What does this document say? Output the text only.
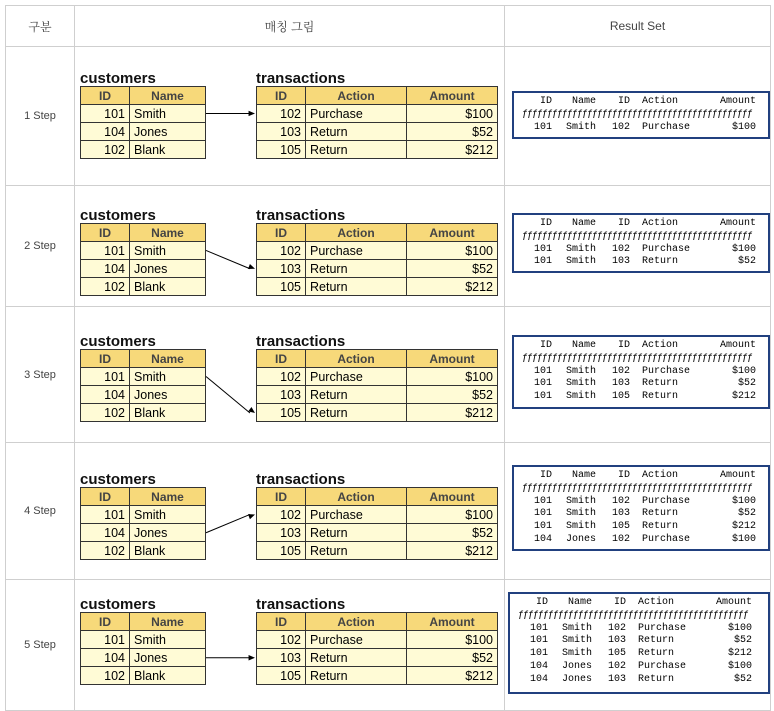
구분	매칭 그림	Result Set
1 Step	
customers	transactions
ID	Name
101	Smith
104	Jones
102	Blank
ID	Action	Amount
102	Purchase	$100
103	Return	$52
105	Return	$212

ID	Name	ID	Action	Amount
ƒƒƒƒƒƒƒƒƒƒƒƒƒƒƒƒƒƒƒƒƒƒƒƒƒƒƒƒƒƒƒƒƒƒƒƒƒƒƒƒƒƒƒƒƒƒ
101	Smith	102	Purchase	$100

2 Step	
customers	transactions
ID	Name
101	Smith
104	Jones
102	Blank
ID	Action	Amount
102	Purchase	$100
103	Return	$52
105	Return	$212

ID	Name	ID	Action	Amount
ƒƒƒƒƒƒƒƒƒƒƒƒƒƒƒƒƒƒƒƒƒƒƒƒƒƒƒƒƒƒƒƒƒƒƒƒƒƒƒƒƒƒƒƒƒƒ
101	Smith	102	Purchase	$100
101	Smith	103	Return	$52

3 Step	
customers	transactions
ID	Name
101	Smith
104	Jones
102	Blank
ID	Action	Amount
102	Purchase	$100
103	Return	$52
105	Return	$212

ID	Name	ID	Action	Amount
ƒƒƒƒƒƒƒƒƒƒƒƒƒƒƒƒƒƒƒƒƒƒƒƒƒƒƒƒƒƒƒƒƒƒƒƒƒƒƒƒƒƒƒƒƒƒ
101	Smith	102	Purchase	$100
101	Smith	103	Return	$52
101	Smith	105	Return	$212

4 Step	
customers	transactions
ID	Name
101	Smith
104	Jones
102	Blank
ID	Action	Amount
102	Purchase	$100
103	Return	$52
105	Return	$212

ID	Name	ID	Action	Amount
ƒƒƒƒƒƒƒƒƒƒƒƒƒƒƒƒƒƒƒƒƒƒƒƒƒƒƒƒƒƒƒƒƒƒƒƒƒƒƒƒƒƒƒƒƒƒ
101	Smith	102	Purchase	$100
101	Smith	103	Return	$52
101	Smith	105	Return	$212
104	Jones	102	Purchase	$100

5 Step	
customers	transactions
ID	Name
101	Smith
104	Jones
102	Blank
ID	Action	Amount
102	Purchase	$100
103	Return	$52
105	Return	$212

ID	Name	ID	Action	Amount
ƒƒƒƒƒƒƒƒƒƒƒƒƒƒƒƒƒƒƒƒƒƒƒƒƒƒƒƒƒƒƒƒƒƒƒƒƒƒƒƒƒƒƒƒƒƒ
101	Smith	102	Purchase	$100
101	Smith	103	Return	$52
101	Smith	105	Return	$212
104	Jones	102	Purchase	$100
104	Jones	103	Return	$52
